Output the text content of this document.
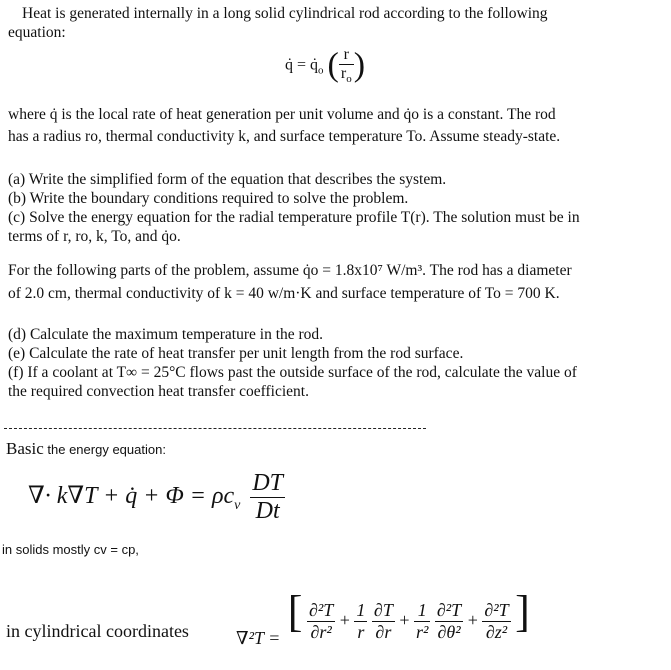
Heat is generated internally in a long solid cylindrical rod according to the following
equation:
q̇ = $q̇_o$ ( $\frac{r}{r_o}$ )
where q̇ is the local rate of heat generation per unit volume and q̇o is a constant. The rod
has a radius ro, thermal conductivity k, and surface temperature To. Assume steady-state.
(a) Write the simplified form of the equation that describes the system.
(b) Write the boundary conditions required to solve the problem.
(c) Solve the energy equation for the radial temperature profile T(r). The solution must be in
terms of r, ro, k, To, and q̇o.
For the following parts of the problem, assume q̇o = 1.8x10⁷ W/m³. The rod has a diameter
of 2.0 cm, thermal conductivity of k = 40 w/m·K and surface temperature of To = 700 K.
(d) Calculate the maximum temperature in the rod.
(e) Calculate the rate of heat transfer per unit length from the rod surface.
(f) If a coolant at T∞ = 25°C flows past the outside surface of the rod, calculate the value of
the required convection heat transfer coefficient.
Basic the energy equation:
∇· k∇T + q̇ + $\Phi = \rho c_v \frac{DT}{Dt}$
in solids mostly cv = cp,
in cylindrical coordinates	∇²T = [ $\frac{\text{∂²T}}{\text{∂r²}} + \frac{1}{r}$
$\frac{\partial T}{\partial r} + \frac{1}{\text{r²}}$
$\frac{\text{∂²T}}{\text{∂θ²}} + \frac{\text{∂²T}}{\text{∂z²}}$ ]
